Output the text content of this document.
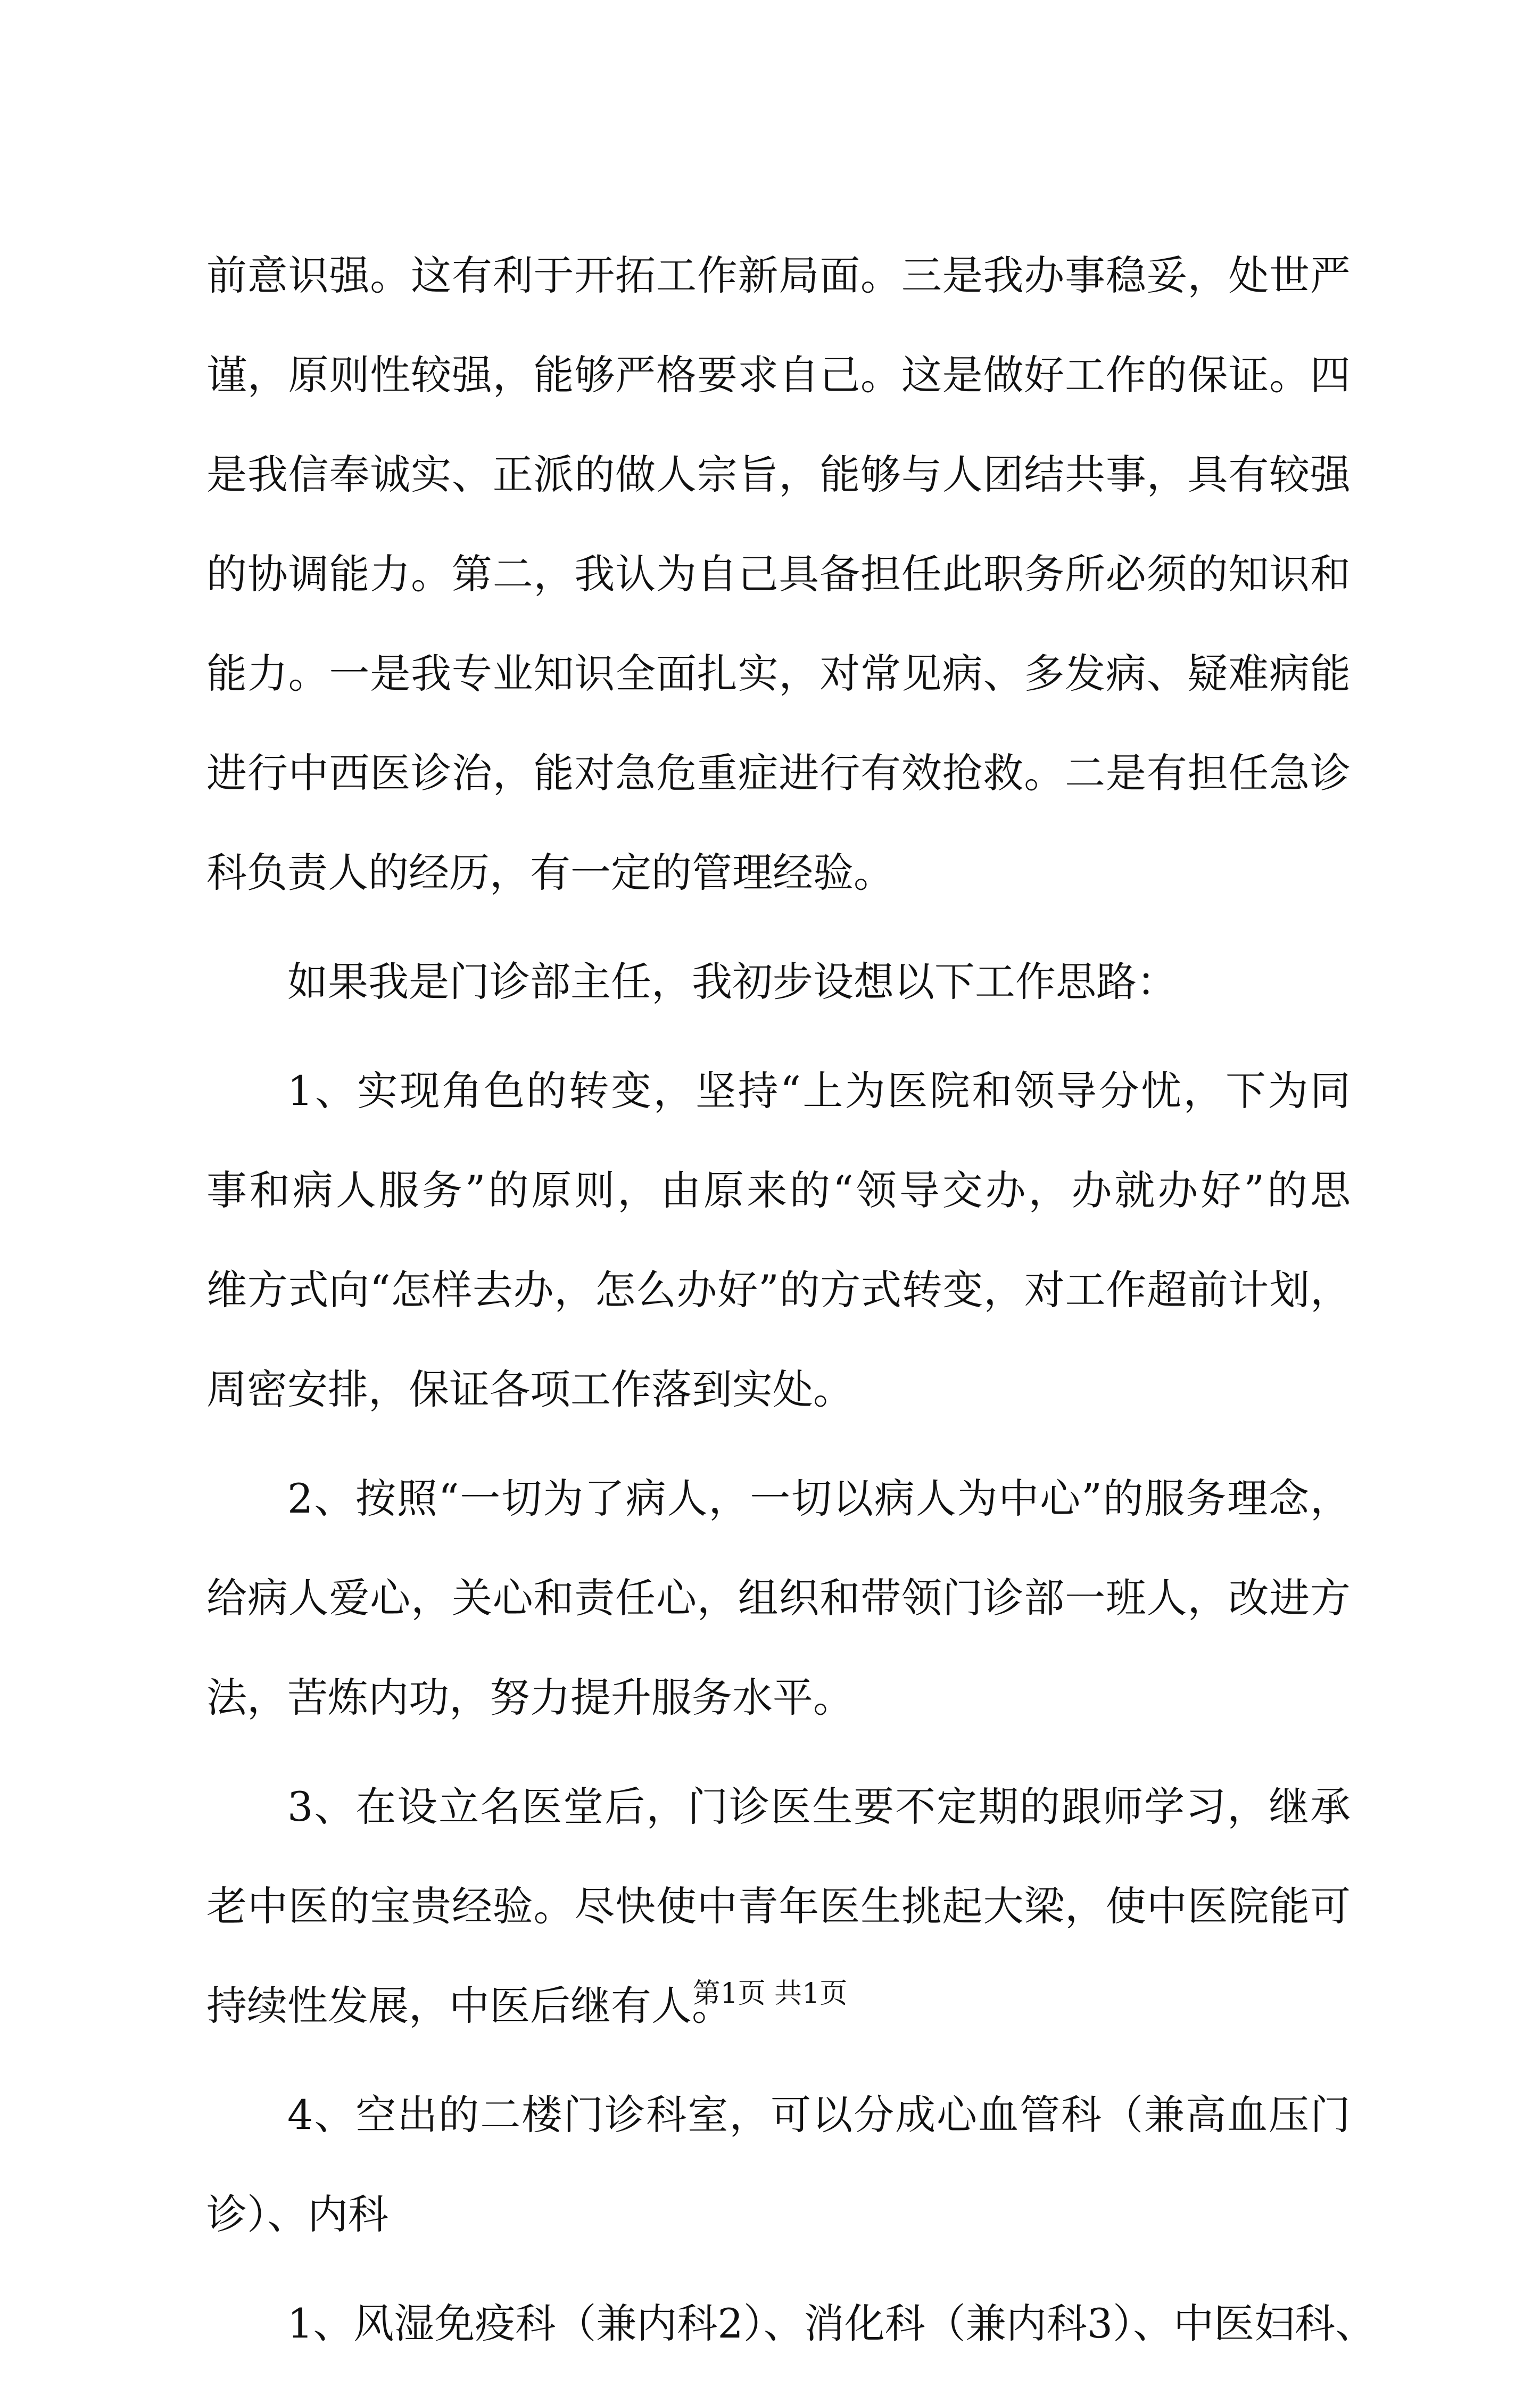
前意识强。这有利于开拓工作新局面。三是我办事稳妥，处世严
谨，原则性较强，能够严格要求自己。这是做好工作的保证。四
是我信奉诚实、正派的做人宗旨，能够与人团结共事，具有较强
的协调能力。第二，我认为自己具备担任此职务所必须的知识和
能力。一是我专业知识全面扎实，对常见病、多发病、疑难病能
进行中西医诊治，能对急危重症进行有效抢救。二是有担任急诊
科负责人的经历，有一定的管理经验。
如果我是门诊部主任，我初步设想以下工作思路：
1、实现角色的转变，坚持“上为医院和领导分忧，下为同
事和病人服务”的原则，由原来的“领导交办，办就办好”的思
维方式向“怎样去办，怎么办好”的方式转变，对工作超前计划，
周密安排，保证各项工作落到实处。
2、按照“一切为了病人，一切以病人为中心”的服务理念，
给病人爱心，关心和责任心，组织和带领门诊部一班人，改进方
法，苦炼内功，努力提升服务水平。
3、在设立名医堂后，门诊医生要不定期的跟师学习，继承
老中医的宝贵经验。尽快使中青年医生挑起大梁，使中医院能可
持续性发展，中医后继有人。
4、空出的二楼门诊科室，可以分成心血管科（兼高血压门
诊）、内科
1、风湿免疫科（兼内科2）、消化科（兼内科3）、中医妇科、
第1页 共1页
